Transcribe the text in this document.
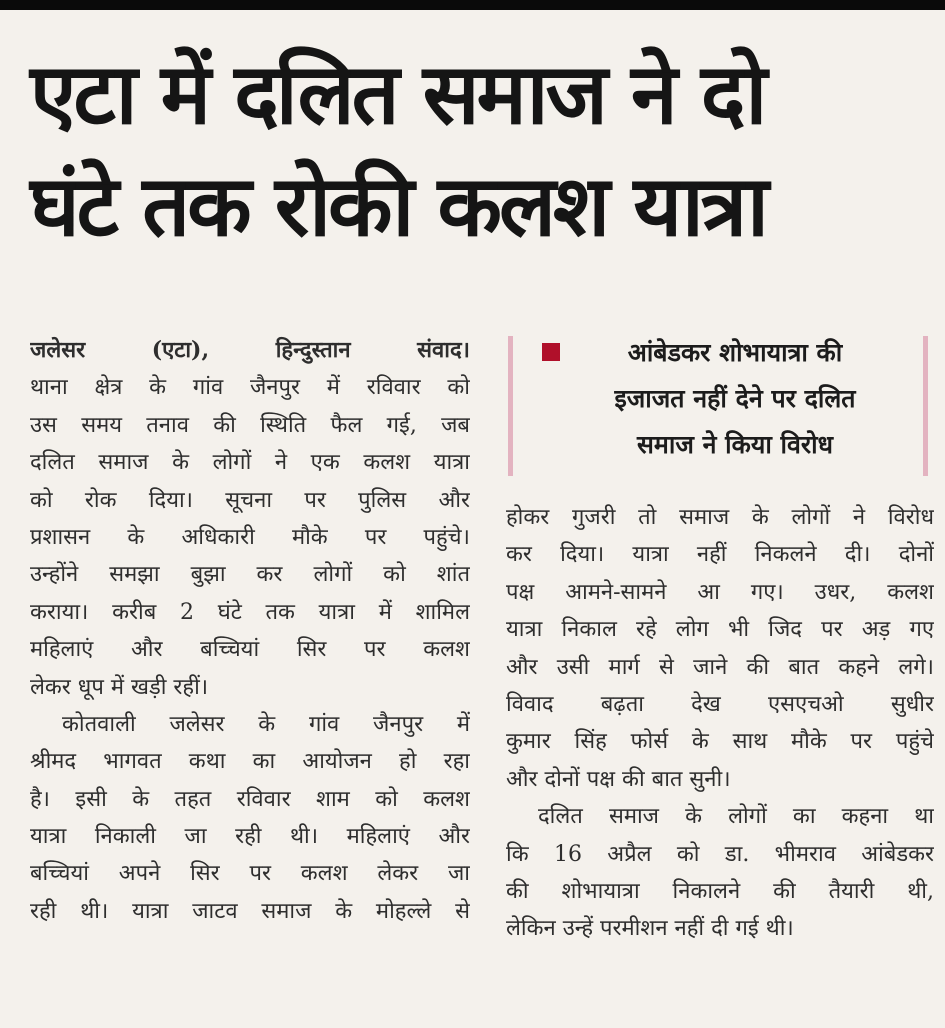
एटा में दलित समाज ने दो
घंटे तक रोकी कलश यात्रा
जलेसर (एटा), हिन्दुस्तान संवाद।
थाना क्षेत्र के गांव जैनपुर में रविवार को
उस समय तनाव की स्थिति फैल गई, जब
दलित समाज के लोगों ने एक कलश यात्रा
को रोक दिया। सूचना पर पुलिस और
प्रशासन के अधिकारी मौके पर पहुंचे।
उन्होंने समझा बुझा कर लोगों को शांत
कराया। करीब 2 घंटे तक यात्रा में शामिल
महिलाएं और बच्चियां सिर पर कलश
लेकर धूप में खड़ी रहीं।
कोतवाली जलेसर के गांव जैनपुर में
श्रीमद भागवत कथा का आयोजन हो रहा
है। इसी के तहत रविवार शाम को कलश
यात्रा निकाली जा रही थी। महिलाएं और
बच्चियां अपने सिर पर कलश लेकर जा
रही थी। यात्रा जाटव समाज के मोहल्ले से
आंबेडकर शोभायात्रा की
इजाजत नहीं देने पर दलित
समाज ने किया विरोध
होकर गुजरी तो समाज के लोगों ने विरोध
कर दिया। यात्रा नहीं निकलने दी। दोनों
पक्ष आमने-सामने आ गए। उधर, कलश
यात्रा निकाल रहे लोग भी जिद पर अड़ गए
और उसी मार्ग से जाने की बात कहने लगे।
विवाद बढ़ता देख एसएचओ सुधीर
कुमार सिंह फोर्स के साथ मौके पर पहुंचे
और दोनों पक्ष की बात सुनी।
दलित समाज के लोगों का कहना था
कि 16 अप्रैल को डा. भीमराव आंबेडकर
की शोभायात्रा निकालने की तैयारी थी,
लेकिन उन्हें परमीशन नहीं दी गई थी।
